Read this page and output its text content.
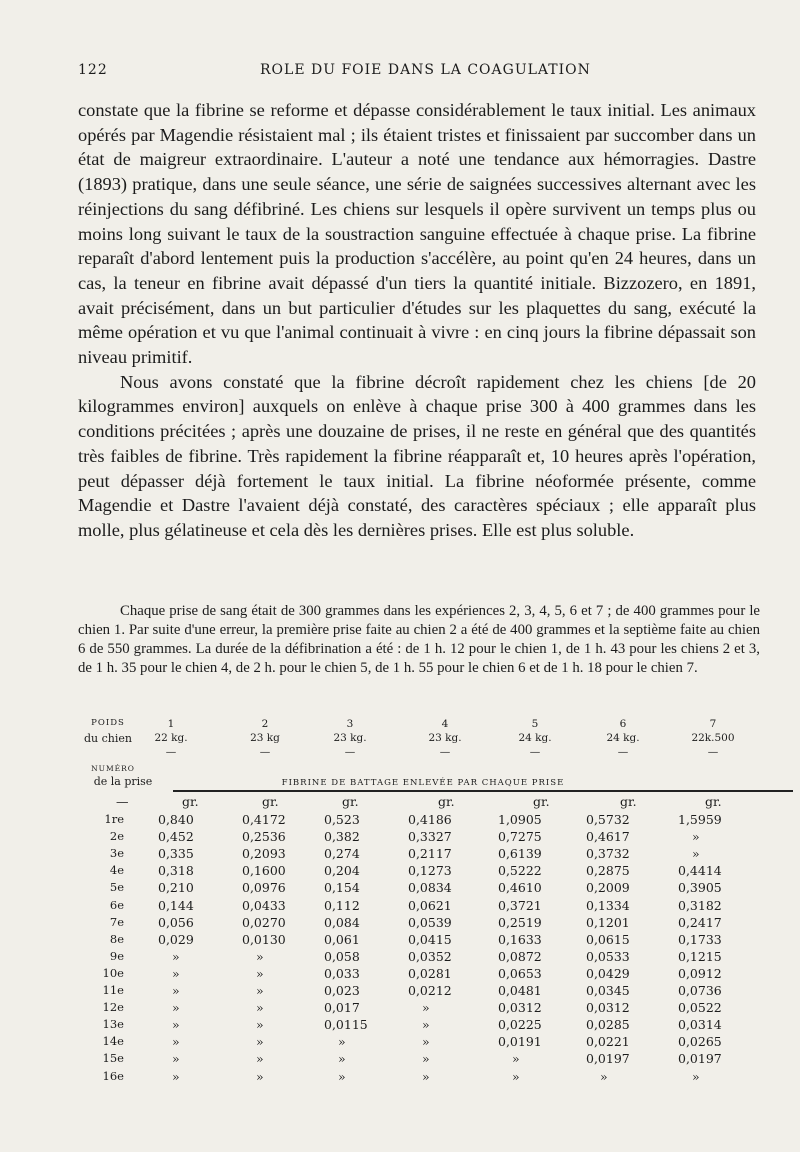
122	ROLE DU FOIE DANS LA COAGULATION

constate que la fibrine se reforme et dépasse considérablement le taux initial. Les animaux opérés par Magendie résistaient mal ; ils étaient tristes et finissaient par succomber dans un état de maigreur extraordinaire. L'auteur a noté une tendance aux hémorragies. Dastre (1893) pratique, dans une seule séance, une série de saignées successives alternant avec les réinjections du sang défibriné. Les chiens sur lesquels il opère survivent un temps plus ou moins long suivant le taux de la soustraction sanguine effectuée à chaque prise. La fibrine reparaît d'abord lentement puis la production s'accélère, au point qu'en 24 heures, dans un cas, la teneur en fibrine avait dépassé d'un tiers la quantité initiale. Bizzozero, en 1891, avait précisément, dans un but particulier d'études sur les plaquettes du sang, exécuté la même opération et vu que l'animal continuait à vivre : en cinq jours la fibrine dépassait son niveau primitif.

Nous avons constaté que la fibrine décroît rapidement chez les chiens [de 20 kilogrammes environ] auxquels on enlève à chaque prise 300 à 400 grammes dans les conditions précitées ; après une douzaine de prises, il ne reste en général que des quantités très faibles de fibrine. Très rapidement la fibrine réapparaît et, 10 heures après l'opération, peut dépasser déjà fortement le taux initial. La fibrine néoformée présente, comme Magendie et Dastre l'avaient déjà constaté, des caractères spéciaux ; elle apparaît plus molle, plus gélatineuse et cela dès les dernières prises. Elle est plus soluble.

Chaque prise de sang était de 300 grammes dans les expériences 2, 3, 4, 5, 6 et 7 ; de 400 grammes pour le chien 1. Par suite d'une erreur, la première prise faite au chien 2 a été de 400 grammes et la septième faite au chien 6 de 550 grammes. La durée de la défibrination a été : de 1 h. 12 pour le chien 1, de 1 h. 43 pour les chiens 2 et 3, de 1 h. 35 pour le chien 4, de 2 h. pour le chien 5, de 1 h. 55 pour le chien 6 et de 1 h. 18 pour le chien 7.

POIDS
du chien
1	2	3	4	5	6	7
22 kg.	23 kg	23 kg.	23 kg.	24 kg.	24 kg.	22k.500
—	—	—	—	—	—	—
NUMÉRO
de la prise	FIBRINE DE BATTAGE ENLEVÉE PAR CHAQUE PRISE
—	gr.	gr.	gr.	gr.	gr.	gr.	gr.
1re	0,840	0,4172	0,523	0,4186	1,0905	0,5732	1,5959
2e	0,452	0,2536	0,382	0,3327	0,7275	0,4617	»
3e	0,335	0,2093	0,274	0,2117	0,6139	0,3732	»
4e	0,318	0,1600	0,204	0,1273	0,5222	0,2875	0,4414
5e	0,210	0,0976	0,154	0,0834	0,4610	0,2009	0,3905
6e	0,144	0,0433	0,112	0,0621	0,3721	0,1334	0,3182
7e	0,056	0,0270	0,084	0,0539	0,2519	0,1201	0,2417
8e	0,029	0,0130	0,061	0,0415	0,1633	0,0615	0,1733
9e	»	»	0,058	0,0352	0,0872	0,0533	0,1215
10e	»	»	0,033	0,0281	0,0653	0,0429	0,0912
11e	»	»	0,023	0,0212	0,0481	0,0345	0,0736
12e	»	»	0,017	»	0,0312	0,0312	0,0522
13e	»	»	0,0115	»	0,0225	0,0285	0,0314
14e	»	»	»	»	0,0191	0,0221	0,0265
15e	»	»	»	»	»	0,0197	0,0197
16e	»	»	»	»	»	»	»
